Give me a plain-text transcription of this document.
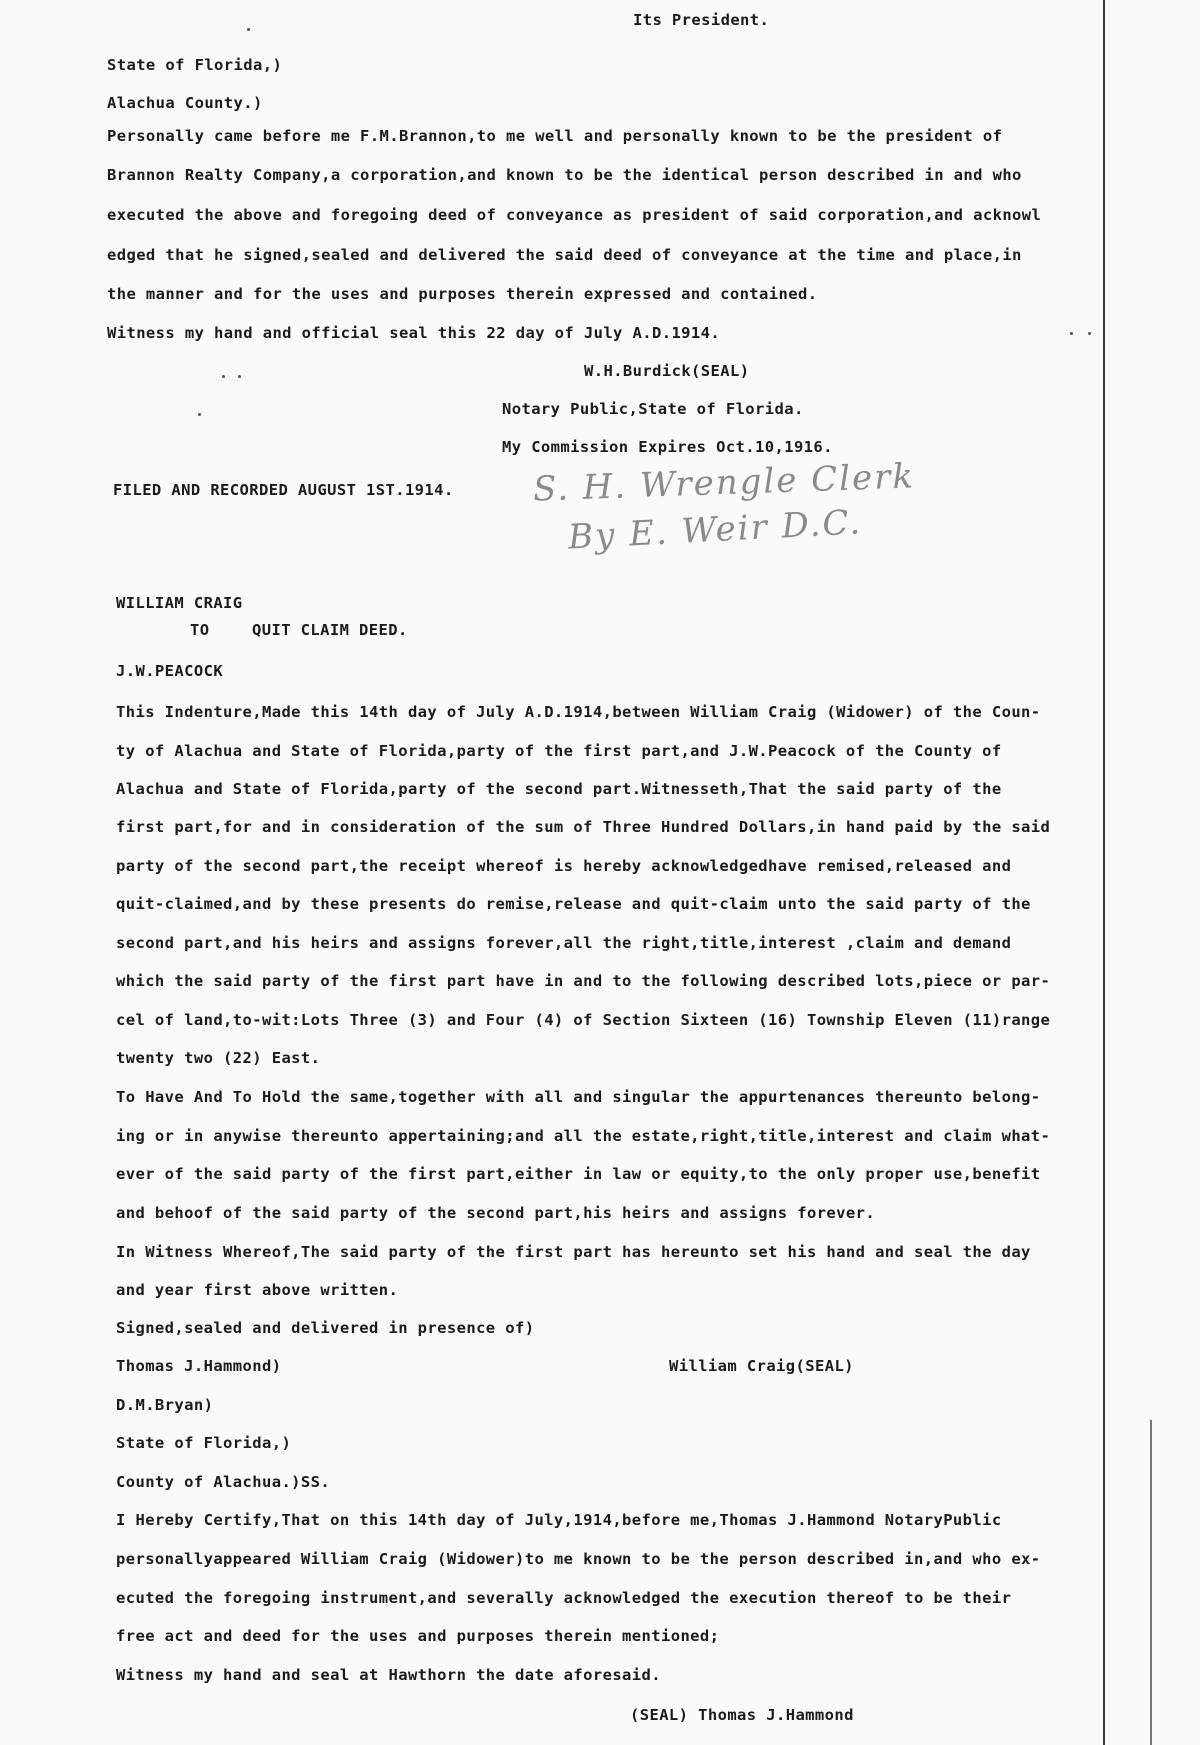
Its President.
State of Florida,)
Alachua County.)
Personally came before me F.M.Brannon,to me well and personally known to be the president of
Brannon Realty Company,a corporation,and known to be the identical person described in and who
executed the above and foregoing deed of conveyance as president of said corporation,and acknowl
edged that he signed,sealed and delivered the said deed of conveyance at the time and place,in
the manner and for the uses and purposes therein expressed and contained.
Witness my hand and official seal this 22 day of July A.D.1914.
W.H.Burdick(SEAL)
Notary Public,State of Florida.
My Commission Expires Oct.10,1916.
FILED AND RECORDED AUGUST 1ST.1914. S. H. Wrengle Clerk
By E. Weir D.C.
WILLIAM CRAIG
TO	QUIT CLAIM DEED.
J.W.PEACOCK
This Indenture,Made this 14th day of July A.D.1914,between William Craig (Widower) of the Coun-
ty of Alachua and State of Florida,party of the first part,and J.W.Peacock of the County of
Alachua and State of Florida,party of the second part.Witnesseth,That the said party of the
first part,for and in consideration of the sum of Three Hundred Dollars,in hand paid by the said
party of the second part,the receipt whereof is hereby acknowledgedhave remised,released and
quit-claimed,and by these presents do remise,release and quit-claim unto the said party of the
second part,and his heirs and assigns forever,all the right,title,interest ,claim and demand
which the said party of the first part have in and to the following described lots,piece or par-
cel of land,to-wit:Lots Three (3) and Four (4) of Section Sixteen (16) Township Eleven (11)range
twenty two (22) East.
To Have And To Hold the same,together with all and singular the appurtenances thereunto belong-
ing or in anywise thereunto appertaining;and all the estate,right,title,interest and claim what-
ever of the said party of the first part,either in law or equity,to the only proper use,benefit
and behoof of the said party of the second part,his heirs and assigns forever.
In Witness Whereof,The said party of the first part has hereunto set his hand and seal the day
and year first above written.
Signed,sealed and delivered in presence of)
Thomas J.Hammond)	William Craig(SEAL)
D.M.Bryan)
State of Florida,)
County of Alachua.)SS.
I Hereby Certify,That on this 14th day of July,1914,before me,Thomas J.Hammond NotaryPublic
personallyappeared William Craig (Widower)to me known to be the person described in,and who ex-
ecuted the foregoing instrument,and severally acknowledged the execution thereof to be their
free act and deed for the uses and purposes therein mentioned;
Witness my hand and seal at Hawthorn the date aforesaid.
(SEAL) Thomas J.Hammond
